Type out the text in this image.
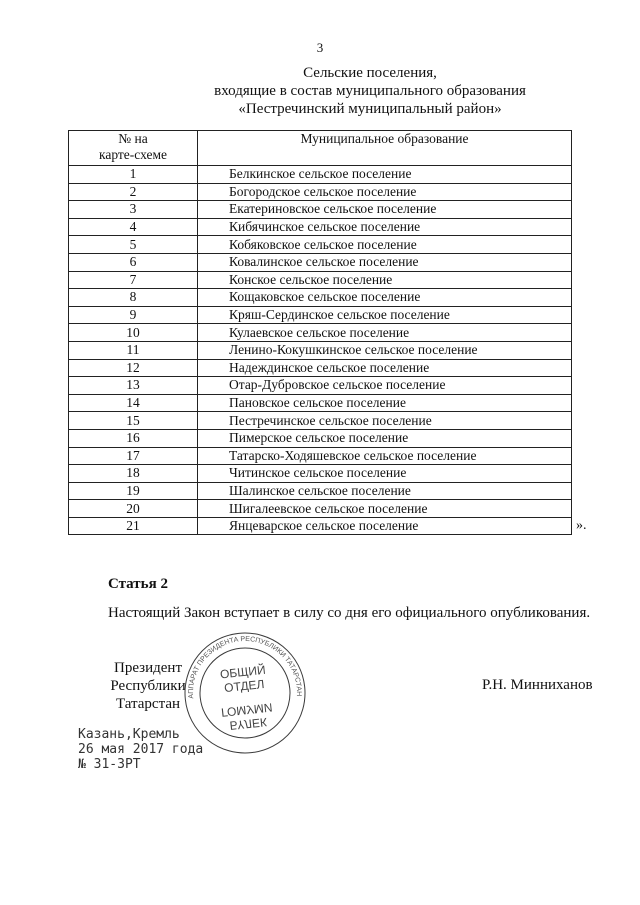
3
Сельские поселения,
входящие в состав муниципального образования
«Пестречинский муниципальный район»
№ на
карте-схеме	Муниципальное образование
1	Белкинское сельское поселение
2	Богородское сельское поселение
3	Екатериновское сельское поселение
4	Кибячинское сельское поселение
5	Кобяковское сельское поселение
6	Ковалинское сельское поселение
7	Конское сельское поселение
8	Кощаковское сельское поселение
9	Кряш-Сердинское сельское поселение
10	Кулаевское сельское поселение
11	Ленино-Кокушкинское сельское поселение
12	Надеждинское сельское поселение
13	Отар-Дубровское сельское поселение
14	Пановское сельское поселение
15	Пестречинское сельское поселение
16	Пимерское сельское поселение
17	Татарско-Ходяшевское сельское поселение
18	Читинское сельское поселение
19	Шалинское сельское поселение
20	Шигалеевское сельское поселение
21	Янцеварское сельское поселение	».
Статья 2
Настоящий Закон вступает в силу со дня его официального опубликования.
Президент
Республики Татарстан	АППАРАТ ПРЕЗИДЕНТА РЕСПУБЛИКИ ТАТАРСТАН
ОБЩИЙ
ОТДЕЛ
ГОМУМИ
БҮЛЕК
Р.Н. Минниханов
Казань,Кремль
26 мая 2017 года
№ 31-ЗРТ
